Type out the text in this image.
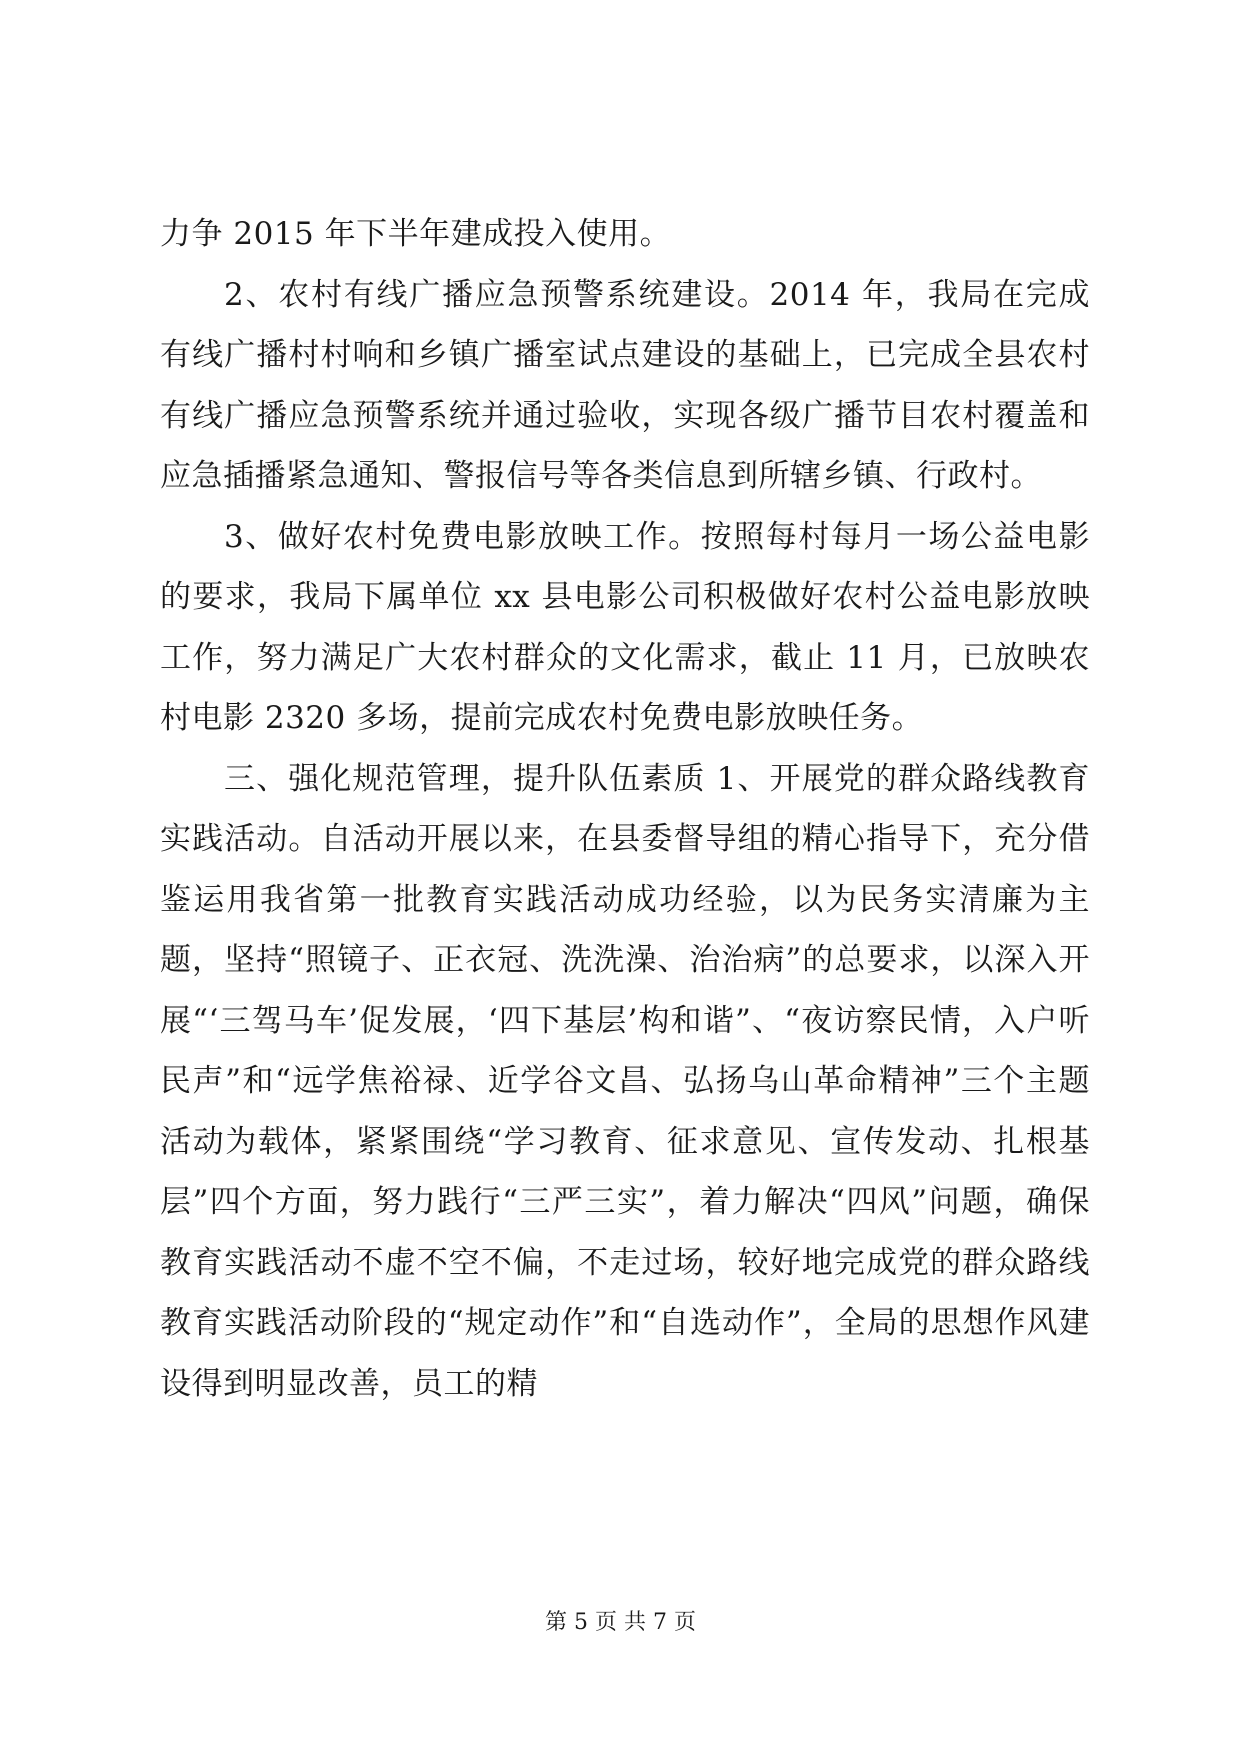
力争 2015 年下半年建成投入使用。

2、农村有线广播应急预警系统建设。2014 年，我局在完成有线广播村村响和乡镇广播室试点建设的基础上，已完成全县农村有线广播应急预警系统并通过验收，实现各级广播节目农村覆盖和应急插播紧急通知、警报信号等各类信息到所辖乡镇、行政村。

3、做好农村免费电影放映工作。按照每村每月一场公益电影的要求，我局下属单位 xx 县电影公司积极做好农村公益电影放映工作，努力满足广大农村群众的文化需求，截止 11 月，已放映农村电影 2320 多场，提前完成农村免费电影放映任务。

三、强化规范管理，提升队伍素质 1、开展党的群众路线教育实践活动。自活动开展以来，在县委督导组的精心指导下，充分借鉴运用我省第一批教育实践活动成功经验，以为民务实清廉为主题，坚持“照镜子、正衣冠、洗洗澡、治治病”的总要求，以深入开展“‘三驾马车’促发展，‘四下基层’构和谐”、“夜访察民情，入户听民声”和“远学焦裕禄、近学谷文昌、弘扬乌山革命精神”三个主题活动为载体，紧紧围绕“学习教育、征求意见、宣传发动、扎根基层”四个方面，努力践行“三严三实”，着力解决“四风”问题，确保教育实践活动不虚不空不偏，不走过场，较好地完成党的群众路线教育实践活动阶段的“规定动作”和“自选动作”，全局的思想作风建设得到明显改善，员工的精

第 5 页 共 7 页
